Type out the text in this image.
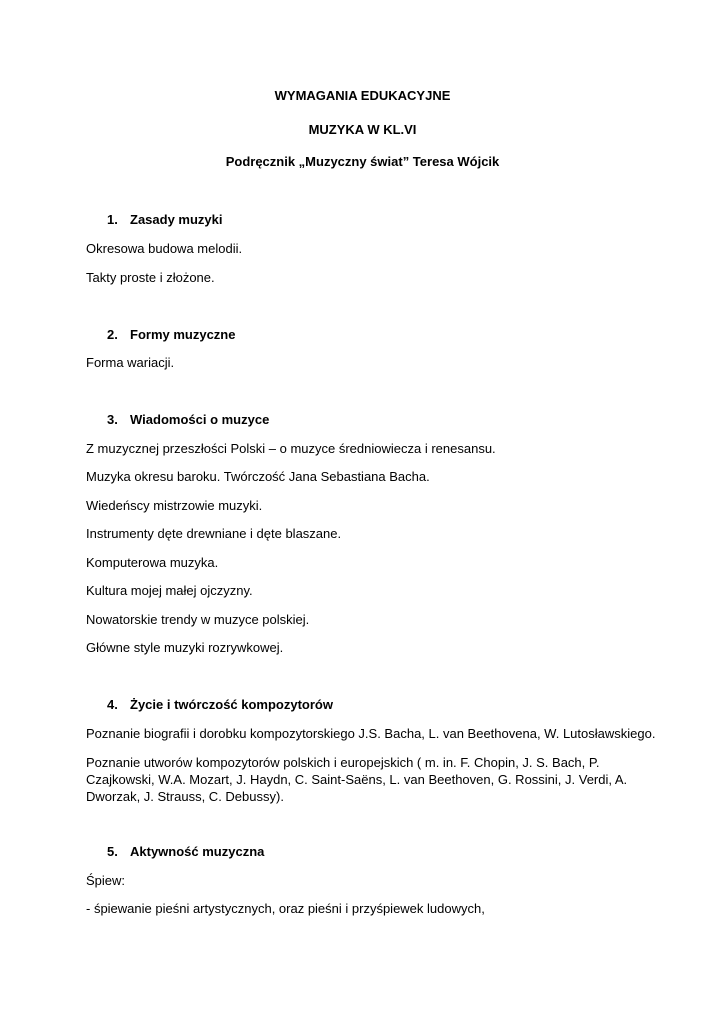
WYMAGANIA EDUKACYJNE
MUZYKA W KL.VI
Podręcznik „Muzyczny świat” Teresa Wójcik
1. Zasady muzyki
Okresowa budowa melodii.
Takty proste i złożone.
2. Formy muzyczne
Forma wariacji.
3. Wiadomości o muzyce
Z muzycznej przeszłości Polski – o muzyce średniowiecza i renesansu.
Muzyka okresu baroku. Twórczość Jana Sebastiana Bacha.
Wiedeńscy mistrzowie muzyki.
Instrumenty dęte drewniane i dęte blaszane.
Komputerowa muzyka.
Kultura mojej małej ojczyzny.
Nowatorskie trendy w muzyce polskiej.
Główne style muzyki rozrywkowej.
4. Życie i twórczość kompozytorów
Poznanie biografii i dorobku kompozytorskiego J.S. Bacha, L. van Beethovena, W. Lutosławskiego.
Poznanie utworów kompozytorów polskich i europejskich ( m. in. F. Chopin, J. S. Bach, P. Czajkowski, W.A. Mozart, J. Haydn, C. Saint-Saëns, L. van Beethoven, G. Rossini, J. Verdi, A. Dworzak, J. Strauss, C. Debussy).
5. Aktywność muzyczna
Śpiew:
- śpiewanie pieśni artystycznych, oraz pieśni i przyśpiewek ludowych,
